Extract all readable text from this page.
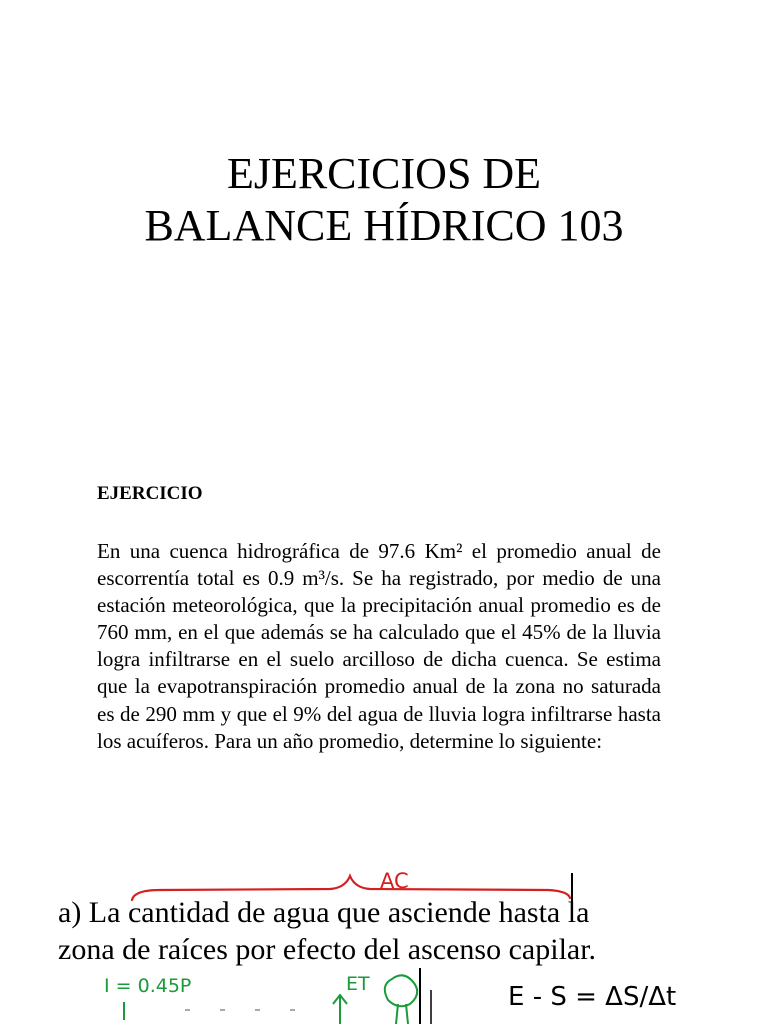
EJERCICIOS DE
BALANCE HÍDRICO 103
EJERCICIO

En una cuenca hidrográfica de 97.6 Km² el promedio anual de escorrentía total es 0.9 m³/s. Se ha registrado, por medio de una estación meteorológica, que la precipitación anual promedio es de 760 mm, en el que además se ha calculado que el 45% de la lluvia logra infiltrarse en el suelo arcilloso de dicha cuenca. Se estima que la evapotranspiración promedio anual de la zona no saturada es de 290 mm y que el 9% del agua de lluvia logra infiltrarse hasta los acuíferos. Para un año promedio, determine lo siguiente:

a) La cantidad de agua que asciende hasta la
zona de raíces por efecto del ascenso capilar.

AC
I = 0.45P	ET	E - S = ΔS/Δt
